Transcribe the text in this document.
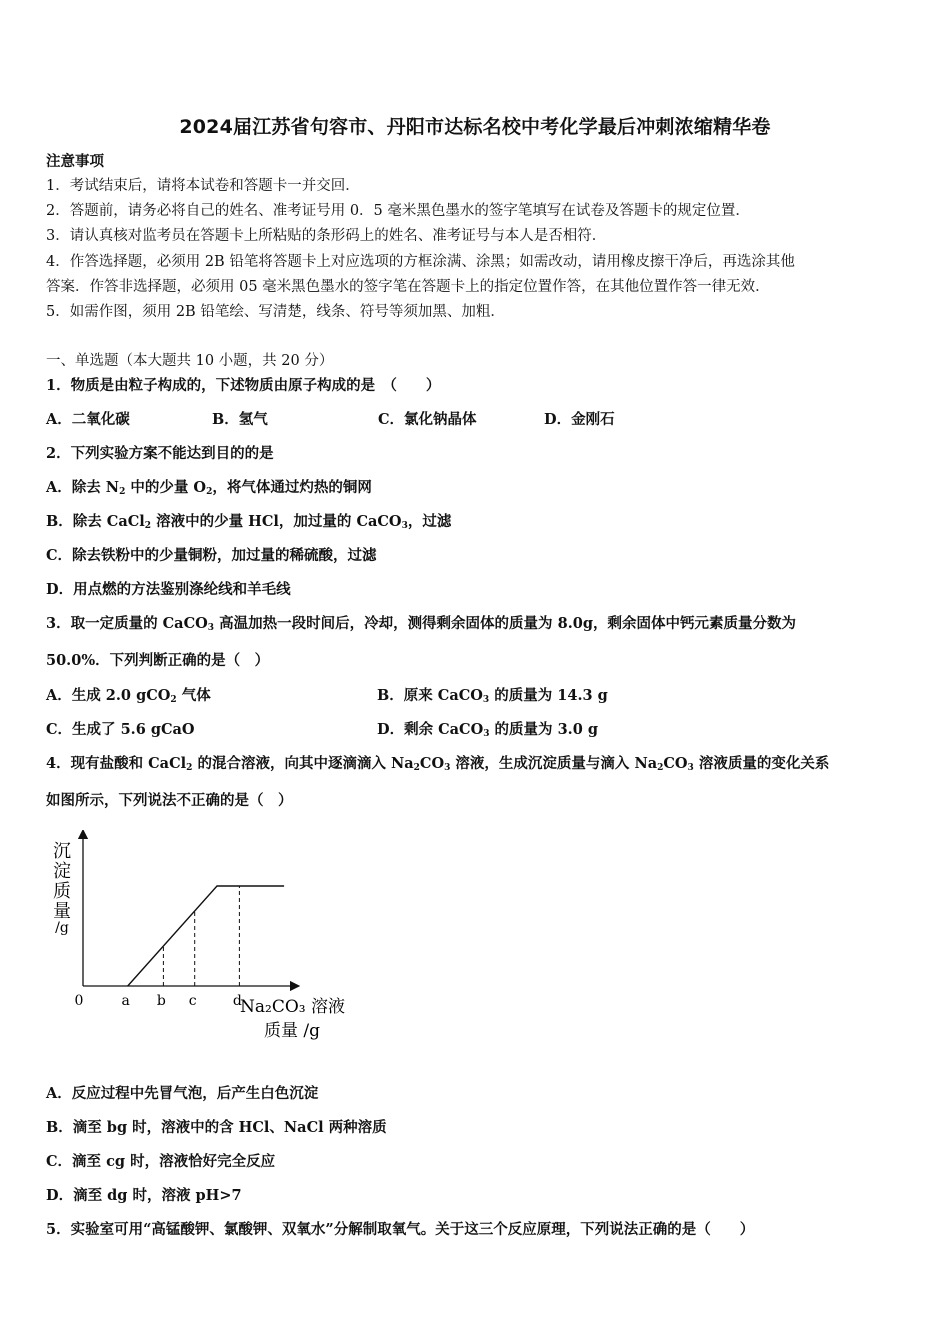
2024届江苏省句容市、丹阳市达标名校中考化学最后冲刺浓缩精华卷
注意事项
1．考试结束后，请将本试卷和答题卡一并交回．
2．答题前，请务必将自己的姓名、准考证号用 0．5 毫米黑色墨水的签字笔填写在试卷及答题卡的规定位置．
3．请认真核对监考员在答题卡上所粘贴的条形码上的姓名、准考证号与本人是否相符．
4．作答选择题，必须用 2B 铅笔将答题卡上对应选项的方框涂满、涂黑；如需改动，请用橡皮擦干净后，再选涂其他
答案．作答非选择题，必须用 05 毫米黑色墨水的签字笔在答题卡上的指定位置作答，在其他位置作答一律无效．
5．如需作图，须用 2B 铅笔绘、写清楚，线条、符号等须加黑、加粗．
一、单选题（本大题共 10 小题，共 20 分）
1．物质是由粒子构成的，下述物质由原子构成的是　（　　）
A．二氧化碳	B．氢气	C．氯化钠晶体	D．金刚石
2．下列实验方案不能达到目的的是
A．除去 $N_2$ 中的少量 $O_2$，将气体通过灼热的铜网
B．除去 CaCl$_2$ 溶液中的少量 HCl，加过量的 CaCO$_3$，过滤
C．除去铁粉中的少量铜粉，加过量的稀硫酸，过滤
D．用点燃的方法鉴别涤纶线和羊毛线
3．取一定质量的 CaCO$_3$ 高温加热一段时间后，冷却，测得剩余固体的质量为 8.0g，剩余固体中钙元素质量分数为
50.0%．下列判断正确的是（　）
A．生成 2.0 gCO$_2$ 气体	B．原来 CaCO$_3$ 的质量为 14.3 g
C．生成了 5.6 gCaO	D．剩余 CaCO$_3$ 的质量为 3.0 g
4．现有盐酸和 CaCl$_2$ 的混合溶液，向其中逐滴滴入 $Na_2CO_3$ 溶液，生成沉淀质量与滴入 $Na_2CO_3$ 溶液质量的变化关系
如图所示，下列说法不正确的是（　）
沉
淀
质
量
/g
0	a b c	d
Na₂CO₃ 溶液
质量 /g
A．反应过程中先冒气泡，后产生白色沉淀
B．滴至 bg 时，溶液中的含 HCl、NaCl 两种溶质
C．滴至 cg 时，溶液恰好完全反应
D．滴至 dg 时，溶液 pH>7
5．实验室可用“高锰酸钾、氯酸钾、双氧水”分解制取氧气。关于这三个反应原理，下列说法正确的是（　　）
